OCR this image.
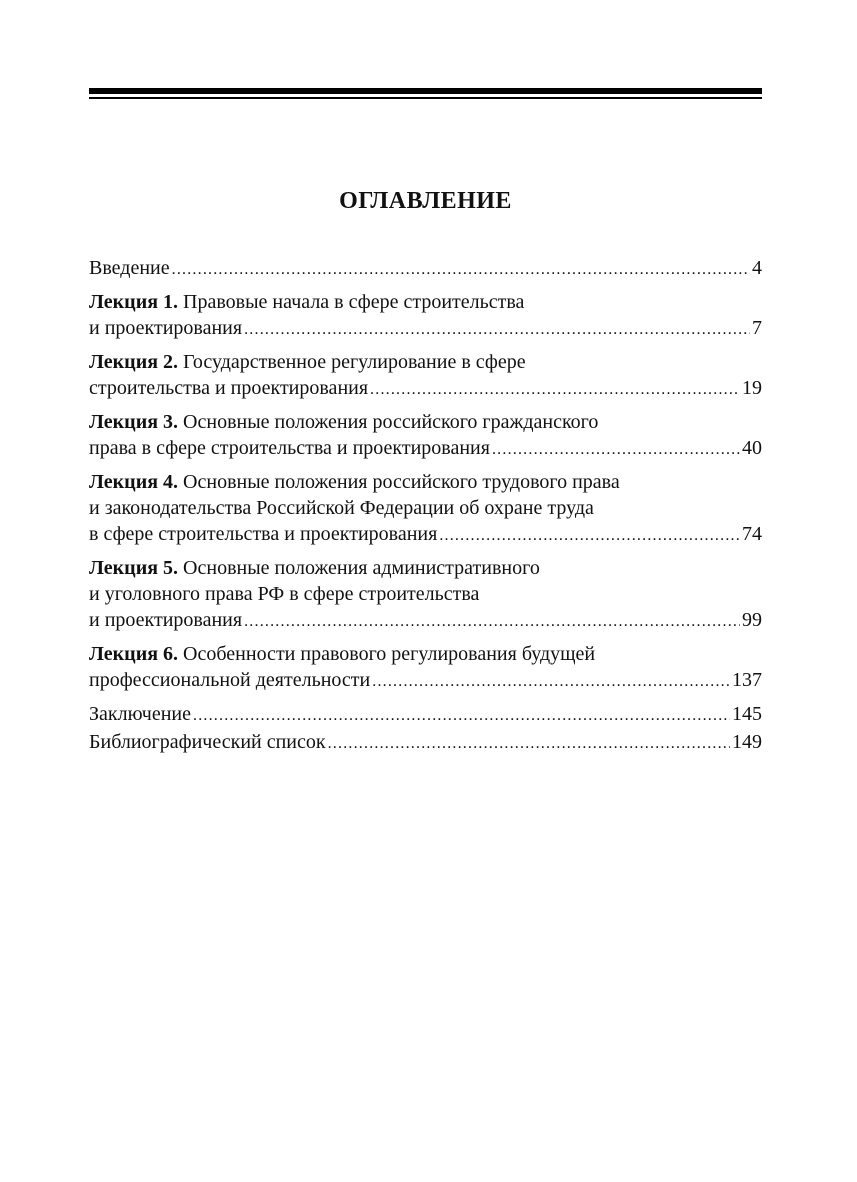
ОГЛАВЛЕНИЕ
Введение .....	4
Лекция 1. Правовые начала в сфере строительства
и проектирования .....	7
Лекция 2. Государственное регулирование в сфере
строительства и проектирования .....	19
Лекция 3. Основные положения российского гражданского
права в сфере строительства и проектирования .....	40
Лекция 4. Основные положения российского трудового права
и законодательства Российской Федерации об охране труда
в сфере строительства и проектирования .....	74
Лекция 5. Основные положения административного
и уголовного права РФ в сфере строительства
и проектирования .....	99
Лекция 6. Особенности правового регулирования будущей
профессиональной деятельности .....	137
Заключение .....	145
Библиографический список .....	149
